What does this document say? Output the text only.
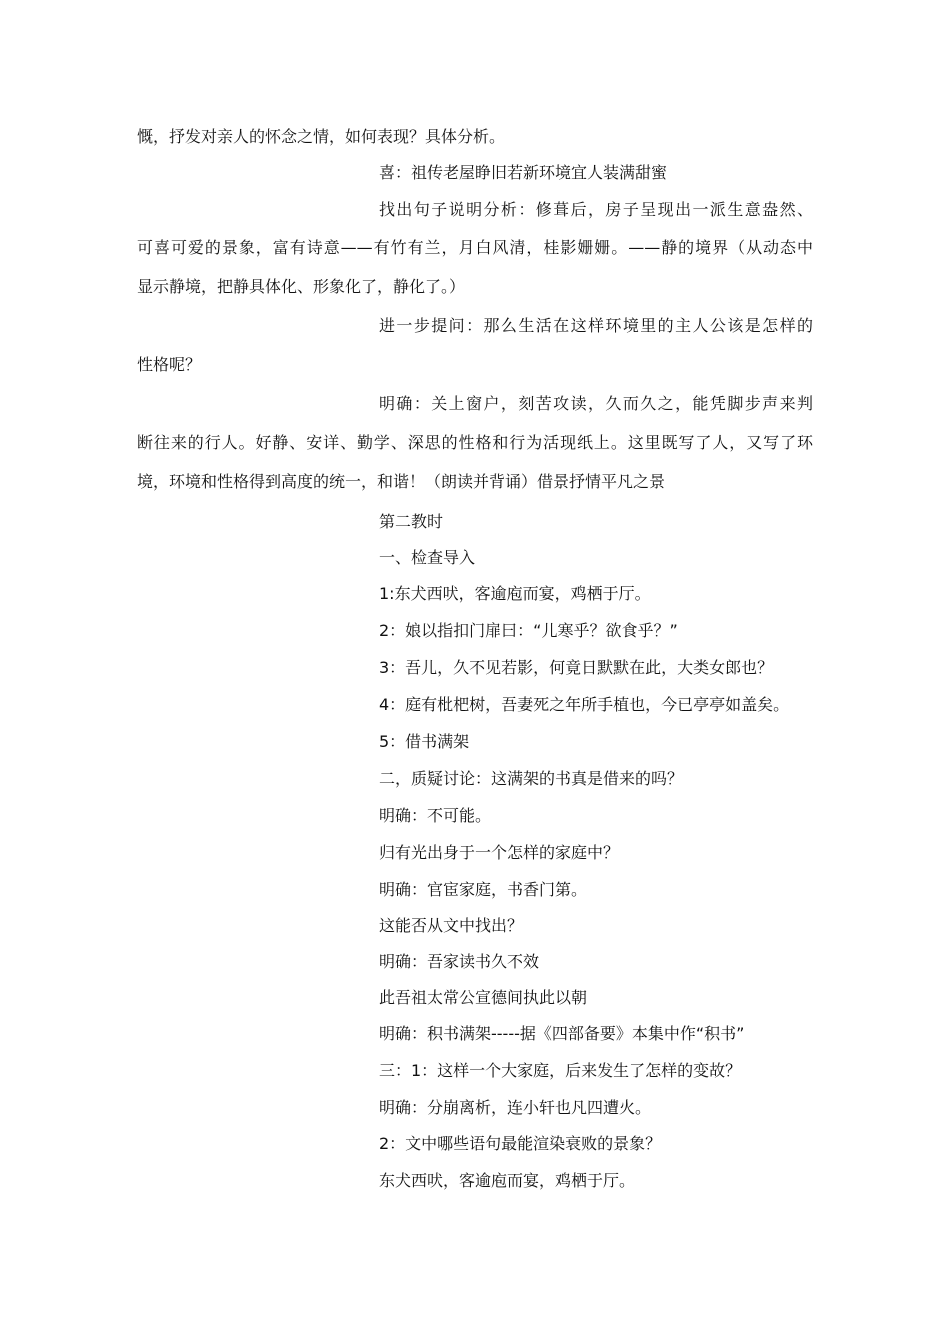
慨，抒发对亲人的怀念之情，如何表现？具体分析。
喜：祖传老屋睁旧若新环境宜人装满甜蜜
找出句子说明分析：修葺后，房子呈现出一派生意盎然、
可喜可爱的景象，富有诗意——有竹有兰，月白风清，桂影姗姗。——静的境界（从动态中
显示静境，把静具体化、形象化了，静化了。）
进一步提问：那么生活在这样环境里的主人公该是怎样的
性格呢？
明确：关上窗户，刻苦攻读，久而久之，能凭脚步声来判
断往来的行人。好静、安详、勤学、深思的性格和行为活现纸上。这里既写了人，又写了环
境，环境和性格得到高度的统一，和谐！（朗读并背诵）借景抒情平凡之景
第二教时
一、检查导入
1:东犬西吠，客逾庖而宴，鸡栖于厅。
2：娘以指扣门扉曰：“儿寒乎？欲食乎？”
3：吾儿，久不见若影，何竟日默默在此，大类女郎也？
4：庭有枇杷树，吾妻死之年所手植也，今已亭亭如盖矣。
5：借书满架
二，质疑讨论：这满架的书真是借来的吗？
明确：不可能。
归有光出身于一个怎样的家庭中？
明确：官宦家庭，书香门第。
这能否从文中找出？
明确：吾家读书久不效
此吾祖太常公宣德间执此以朝
明确：积书满架-----据《四部备要》本集中作“积书”
三：1：这样一个大家庭，后来发生了怎样的变故？
明确：分崩离析，连小轩也凡四遭火。
2：文中哪些语句最能渲染衰败的景象？
东犬西吠，客逾庖而宴，鸡栖于厅。
